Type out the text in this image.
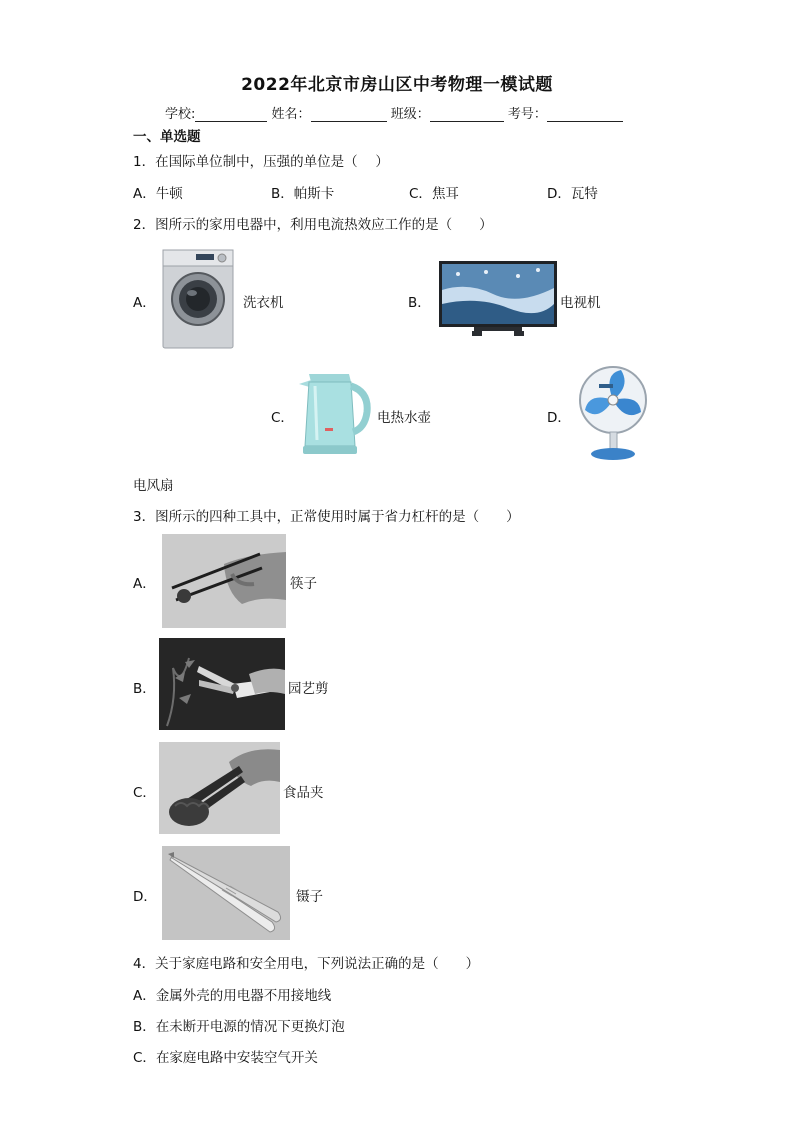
2022年北京市房山区中考物理一模试题
学校:	姓名：	班级：	考号：
一、单选题
1．在国际单位制中，压强的单位是（　 ）
A．牛顿	B．帕斯卡	C．焦耳	D．瓦特
2．图所示的家用电器中，利用电流热效应工作的是（　　）
A．	洗衣机	B．	电视机
C．	电热水壶	D．
电风扇
3．图所示的四种工具中，正常使用时属于省力杠杆的是（　　）
A．	筷子
B．	园艺剪
C．	食品夹
D．	镊子
4．关于家庭电路和安全用电，下列说法正确的是（　　）
A．金属外壳的用电器不用接地线
B．在未断开电源的情况下更换灯泡
C．在家庭电路中安装空气开关
